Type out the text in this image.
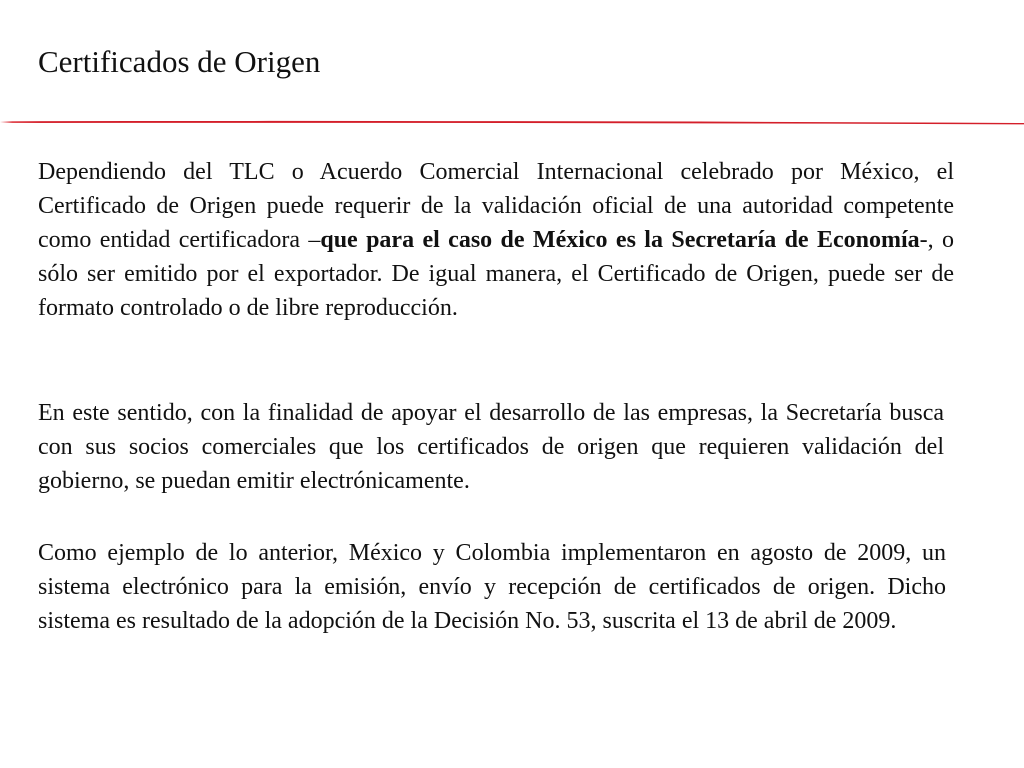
Certificados de Origen

Dependiendo del TLC o Acuerdo Comercial Internacional celebrado por México, el Certificado de Origen puede requerir de la validación oficial de una autoridad competente como entidad certificadora –que para el caso de México es la Secretaría de Economía-, o sólo ser emitido por el exportador. De igual manera, el Certificado de Origen, puede ser de formato controlado o de libre reproducción.

En este sentido, con la finalidad de apoyar el desarrollo de las empresas, la Secretaría busca con sus socios comerciales que los certificados de origen que requieren validación del gobierno, se puedan emitir electrónicamente.

Como ejemplo de lo anterior, México y Colombia implementaron en agosto de 2009, un sistema electrónico para la emisión, envío y recepción de certificados de origen. Dicho sistema es resultado de la adopción de la Decisión No. 53, suscrita el 13 de abril de 2009.
